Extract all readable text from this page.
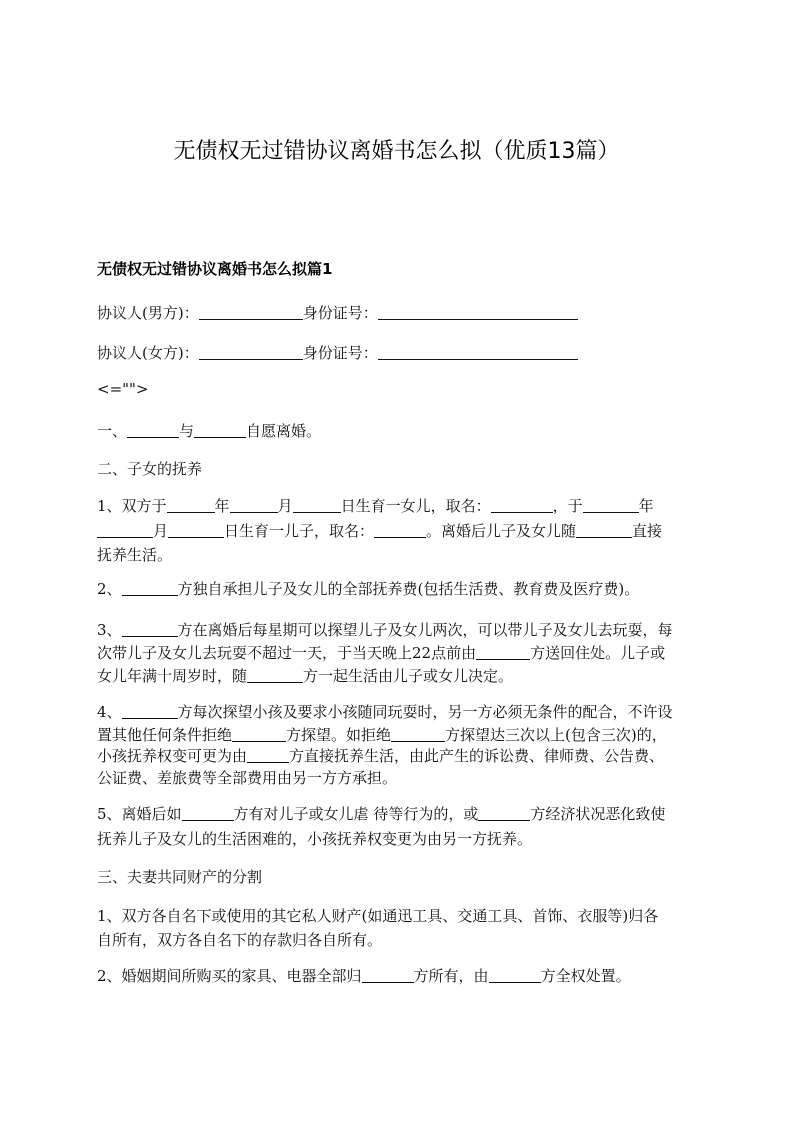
无债权无过错协议离婚书怎么拟（优质13篇）
无债权无过错协议离婚书怎么拟篇1
协议人(男方)：	身份证号：
协议人(女方)：	身份证号：
<="">
一、	与	自愿离婚。
二、子女的抚养
1、双方于	年	月	日生育一女儿，取名：	，于	年
月	日生育一儿子，取名：	。离婚后儿子及女儿随	直接
抚养生活。
2、	方独自承担儿子及女儿的全部抚养费(包括生活费、教育费及医疗费)。
3、	方在离婚后每星期可以探望儿子及女儿两次，可以带儿子及女儿去玩耍，每
次带儿子及女儿去玩耍不超过一天，于当天晚上22点前由	方送回住处。儿子或
女儿年满十周岁时，随	方一起生活由儿子或女儿决定。
4、	方每次探望小孩及要求小孩随同玩耍时，另一方必须无条件的配合，不许设
置其他任何条件拒绝	方探望。如拒绝	方探望达三次以上(包含三次)的，
小孩抚养权变可更为由	方直接抚养生活，由此产生的诉讼费、律师费、公告费、
公证费、差旅费等全部费用由另一方方承担。
5、离婚后如	方有对儿子或女儿虐 待等行为的，或	方经济状况恶化致使
抚养儿子及女儿的生活困难的，小孩抚养权变更为由另一方抚养。
三、夫妻共同财产的分割
1、双方各自名下或使用的其它私人财产(如通迅工具、交通工具、首饰、衣服等)归各
自所有，双方各自名下的存款归各自所有。
2、婚姻期间所购买的家具、电器全部归	方所有，由	方全权处置。
